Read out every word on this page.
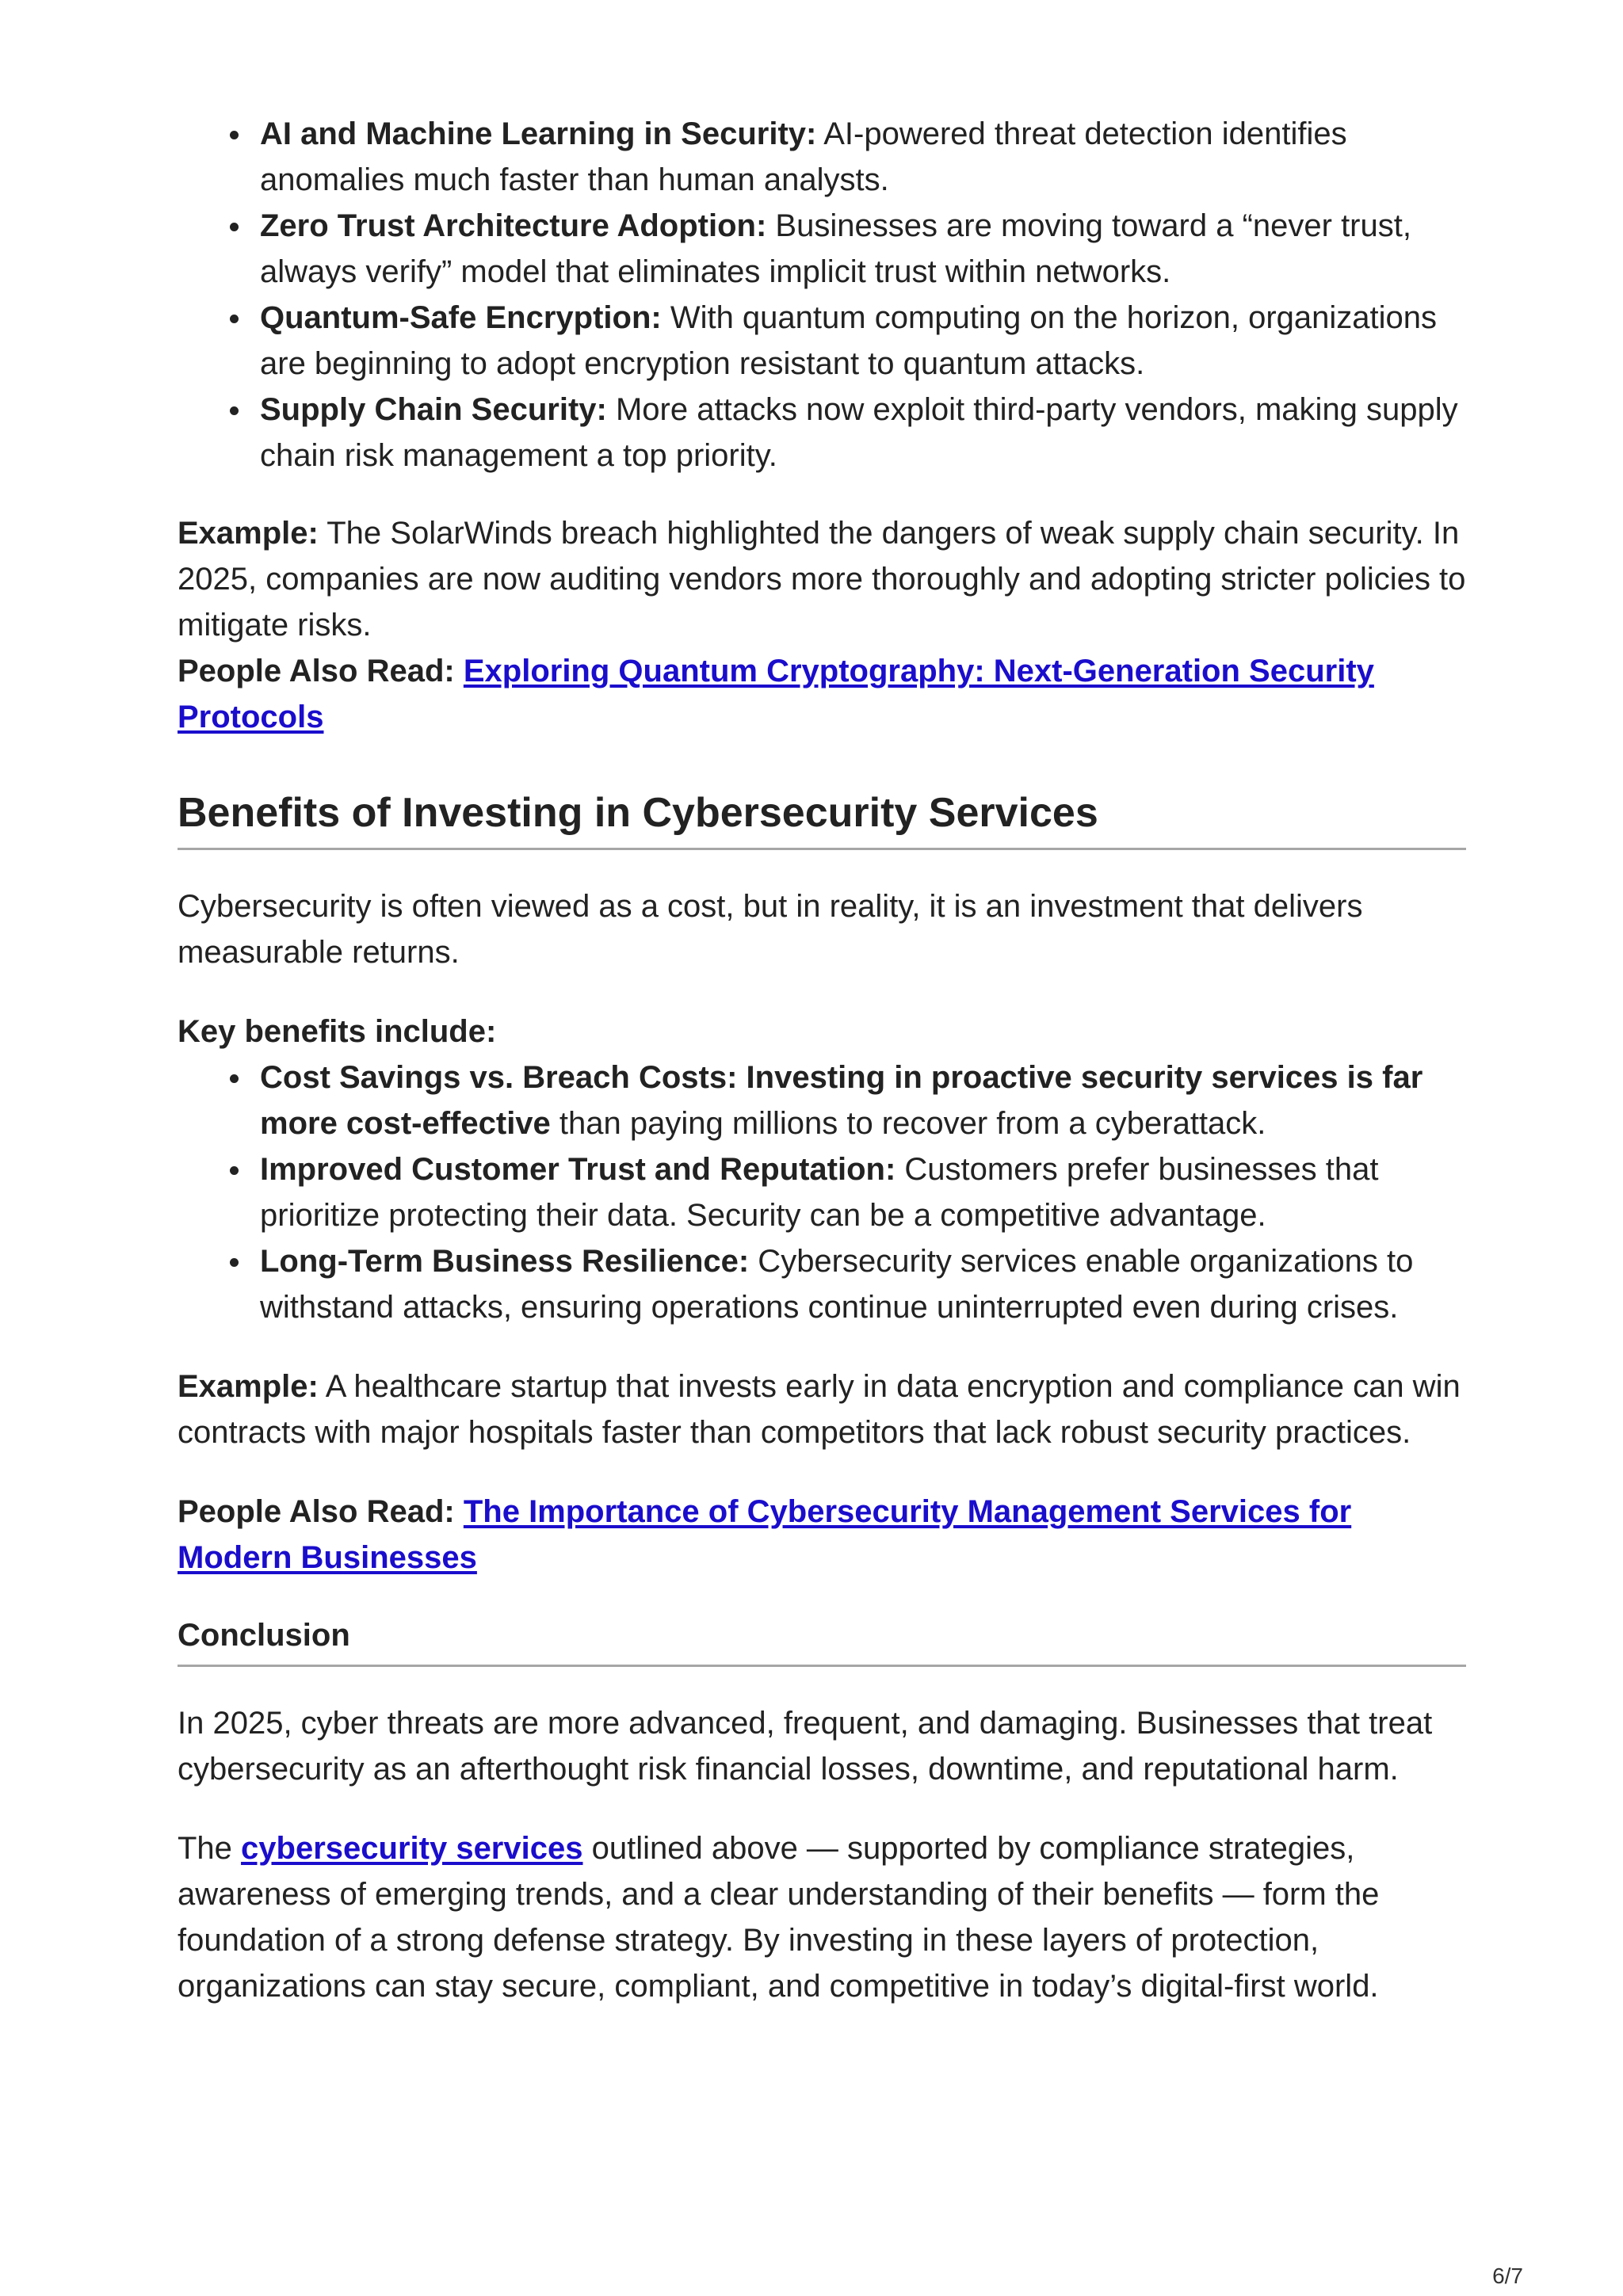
AI and Machine Learning in Security: AI-powered threat detection identifies anomalies much faster than human analysts.
Zero Trust Architecture Adoption: Businesses are moving toward a “never trust, always verify” model that eliminates implicit trust within networks.
Quantum-Safe Encryption: With quantum computing on the horizon, organizations are beginning to adopt encryption resistant to quantum attacks.
Supply Chain Security: More attacks now exploit third-party vendors, making supply chain risk management a top priority.

Example: The SolarWinds breach highlighted the dangers of weak supply chain security. In 2025, companies are now auditing vendors more thoroughly and adopting stricter policies to mitigate risks.

People Also Read: Exploring Quantum Cryptography: Next-Generation Security Protocols

Benefits of Investing in Cybersecurity Services

Cybersecurity is often viewed as a cost, but in reality, it is an investment that delivers measurable returns.

Key benefits include:

Cost Savings vs. Breach Costs: Investing in proactive security services is far more cost-effective than paying millions to recover from a cyberattack.
Improved Customer Trust and Reputation: Customers prefer businesses that prioritize protecting their data. Security can be a competitive advantage.
Long-Term Business Resilience: Cybersecurity services enable organizations to withstand attacks, ensuring operations continue uninterrupted even during crises.

Example: A healthcare startup that invests early in data encryption and compliance can win contracts with major hospitals faster than competitors that lack robust security practices.

People Also Read: The Importance of Cybersecurity Management Services for Modern Businesses

Conclusion

In 2025, cyber threats are more advanced, frequent, and damaging. Businesses that treat cybersecurity as an afterthought risk financial losses, downtime, and reputational harm.

The cybersecurity services outlined above — supported by compliance strategies, awareness of emerging trends, and a clear understanding of their benefits — form the foundation of a strong defense strategy. By investing in these layers of protection, organizations can stay secure, compliant, and competitive in today’s digital-first world.

6/7
